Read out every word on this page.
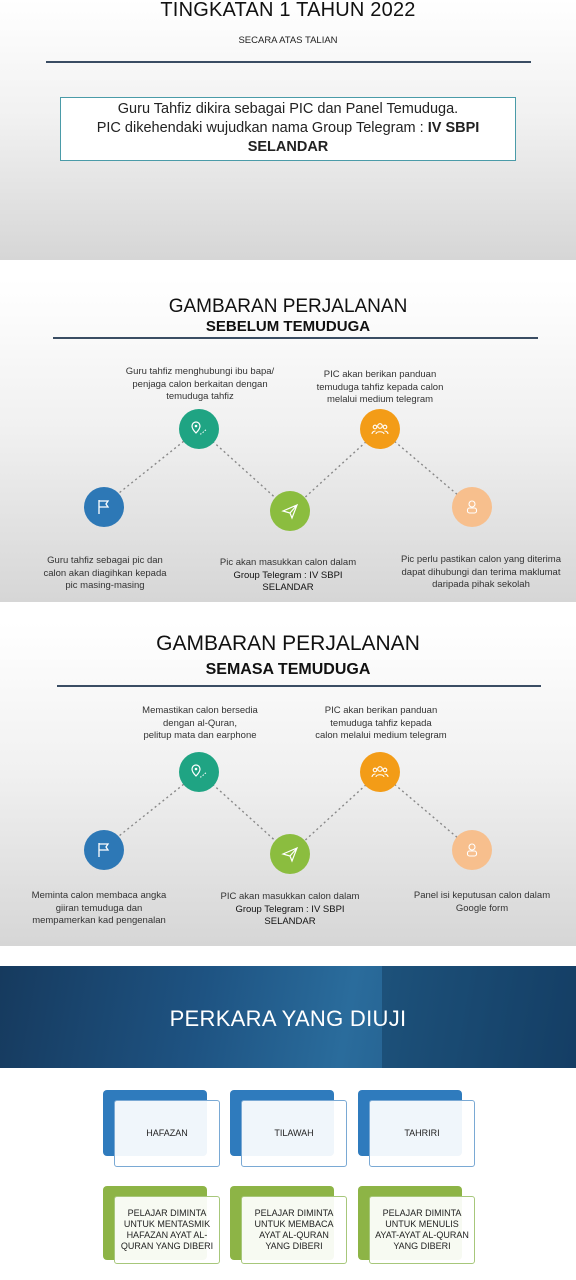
TINGKATAN 1 TAHUN 2022
SECARA ATAS TALIAN
Guru Tahfiz dikira sebagai PIC dan Panel Temuduga.
PIC dikehendaki wujudkan nama Group Telegram : IV SBPI
SELANDAR
GAMBARAN PERJALANAN
SEBELUM TEMUDUGA
Guru tahfiz menghubungi ibu bapa/
penjaga calon berkaitan dengan
temuduga tahfiz
PIC akan berikan panduan
temuduga tahfiz kepada calon
melalui medium telegram
Guru tahfiz sebagai pic dan
calon akan diagihkan kepada
pic masing-masing
Pic akan masukkan calon dalam
Group Telegram : IV SBPI
SELANDAR
Pic perlu pastikan calon yang diterima
dapat dihubungi dan terima maklumat
daripada pihak sekolah
GAMBARAN PERJALANAN
SEMASA TEMUDUGA
Memastikan calon bersedia
dengan al-Quran,
pelitup mata dan earphone
PIC akan berikan panduan
temuduga tahfiz kepada
calon melalui medium telegram
Meminta calon membaca angka
giiran temuduga dan
mempamerkan kad pengenalan
PIC akan masukkan calon dalam
Group Telegram : IV SBPI
SELANDAR
Panel isi keputusan calon dalam
Google form
PERKARA YANG DIUJI
HAFAZAN
PELAJAR DIMINTA
UNTUK MENTASMIK
HAFAZAN AYAT AL-
QURAN YANG DIBERI
TILAWAH
PELAJAR DIMINTA
UNTUK MEMBACA
AYAT AL-QURAN
YANG DIBERI
TAHRIRI
PELAJAR DIMINTA
UNTUK MENULIS
AYAT-AYAT AL-QURAN
YANG DIBERI
